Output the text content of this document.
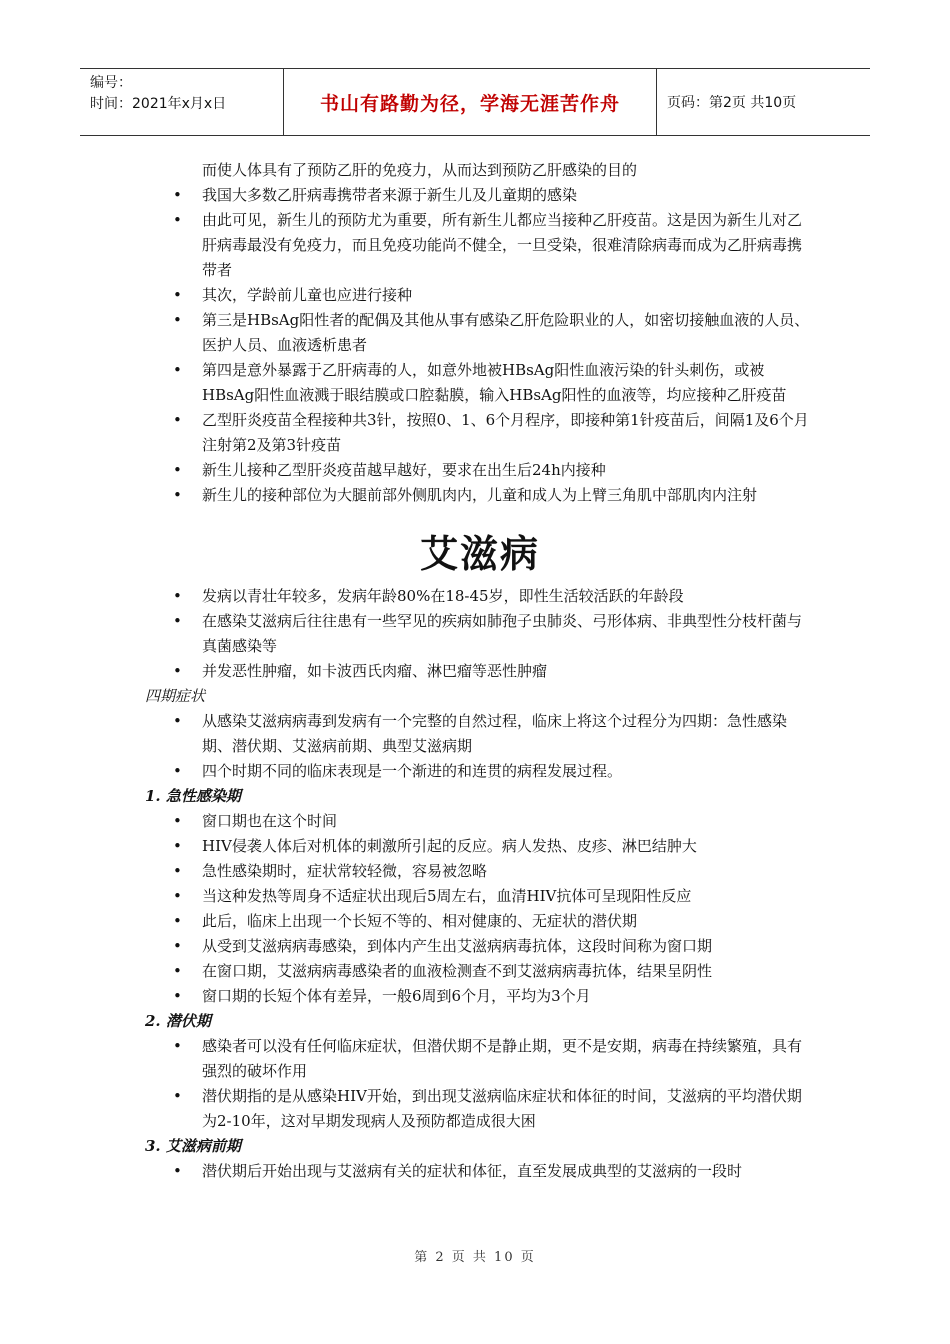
编号：
时间：2021年x月x日	书山有路勤为径，学海无涯苦作舟	页码：第2页 共10页
而使人体具有了预防乙肝的免疫力，从而达到预防乙肝感染的目的
• 我国大多数乙肝病毒携带者来源于新生儿及儿童期的感染
• 由此可见，新生儿的预防尤为重要，所有新生儿都应当接种乙肝疫苗。这是因为新生儿对乙肝病毒最没有免疫力，而且免疫功能尚不健全，一旦受染，很难清除病毒而成为乙肝病毒携带者
• 其次，学龄前儿童也应进行接种
• 第三是HBsAg阳性者的配偶及其他从事有感染乙肝危险职业的人，如密切接触血液的人员、医护人员、血液透析患者
• 第四是意外暴露于乙肝病毒的人，如意外地被HBsAg阳性血液污染的针头刺伤，或被HBsAg阳性血液溅于眼结膜或口腔黏膜，输入HBsAg阳性的血液等，均应接种乙肝疫苗
• 乙型肝炎疫苗全程接种共3针，按照0、1、6个月程序，即接种第1针疫苗后，间隔1及6个月注射第2及第3针疫苗
• 新生儿接种乙型肝炎疫苗越早越好，要求在出生后24h内接种
• 新生儿的接种部位为大腿前部外侧肌肉内，儿童和成人为上臂三角肌中部肌肉内注射
艾滋病
• 发病以青壮年较多，发病年龄80%在18-45岁，即性生活较活跃的年龄段
• 在感染艾滋病后往往患有一些罕见的疾病如肺孢子虫肺炎、弓形体病、非典型性分枝杆菌与真菌感染等
• 并发恶性肿瘤，如卡波西氏肉瘤、淋巴瘤等恶性肿瘤

四期症状

• 从感染艾滋病病毒到发病有一个完整的自然过程，临床上将这个过程分为四期：急性感染期、潜伏期、艾滋病前期、典型艾滋病期
• 四个时期不同的临床表现是一个渐进的和连贯的病程发展过程。

1. 急性感染期

• 窗口期也在这个时间
• HIV侵袭人体后对机体的刺激所引起的反应。病人发热、皮疹、淋巴结肿大
• 急性感染期时，症状常较轻微，容易被忽略
• 当这种发热等周身不适症状出现后5周左右，血清HIV抗体可呈现阳性反应
• 此后，临床上出现一个长短不等的、相对健康的、无症状的潜伏期
• 从受到艾滋病病毒感染，到体内产生出艾滋病病毒抗体，这段时间称为窗口期
• 在窗口期，艾滋病病毒感染者的血液检测查不到艾滋病病毒抗体，结果呈阴性
• 窗口期的长短个体有差异，一般6周到6个月，平均为3个月

2. 潜伏期

• 感染者可以没有任何临床症状，但潜伏期不是静止期，更不是安期，病毒在持续繁殖，具有强烈的破坏作用
• 潜伏期指的是从感染HIV开始，到出现艾滋病临床症状和体征的时间，艾滋病的平均潜伏期为2-10年，这对早期发现病人及预防都造成很大困

3. 艾滋病前期

• 潜伏期后开始出现与艾滋病有关的症状和体征，直至发展成典型的艾滋病的一段时
第 2 页 共 10 页
